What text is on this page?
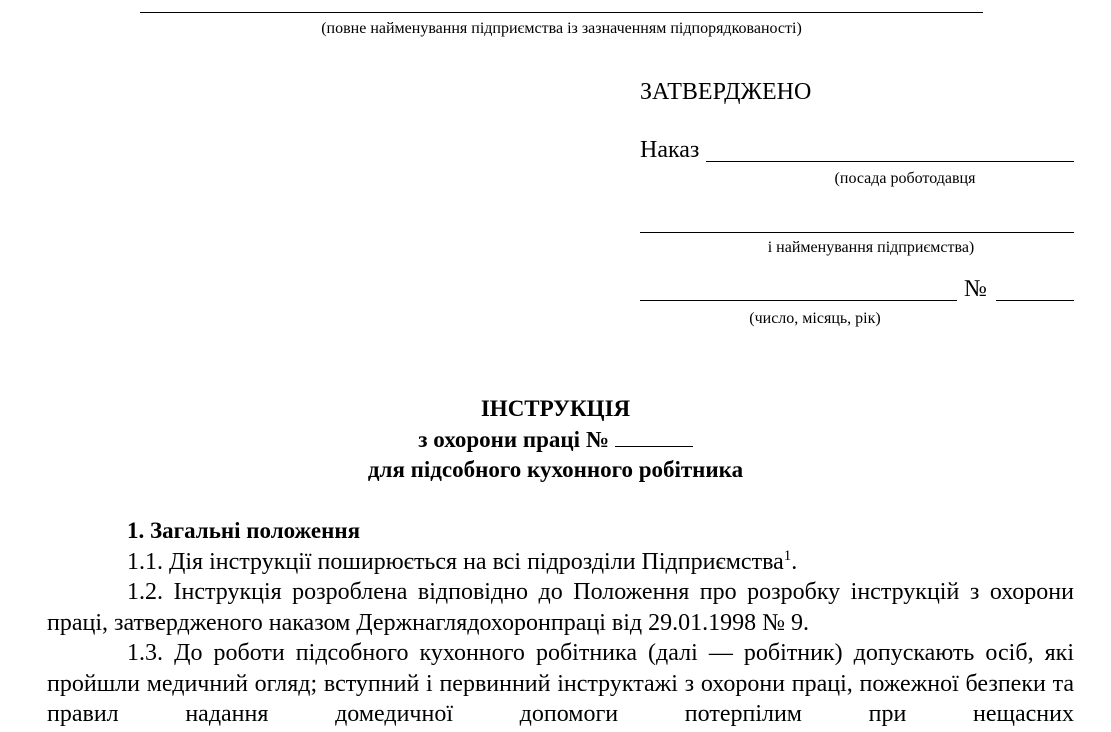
(повне найменування підприємства із зазначенням підпорядкованості)
ЗАТВЕРДЖЕНО
Наказ
(посада роботодавця
і найменування підприємства)
№
(число, місяць, рік)
ІНСТРУКЦІЯ
з охорони праці №
для підсобного кухонного робітника
1. Загальні положення
1.1. Дія інструкції поширюється на всі підрозділи Підприємства$^1$.
1.2. Інструкція розроблена відповідно до Положення про розробку інструкцій з охорони праці, затвердженого наказом Держнаглядохоронпраці від 29.01.1998 № 9.
1.3. До роботи підсобного кухонного робітника (далі — робітник) допускають осіб, які пройшли медичний огляд; вступний і первинний інструктажі з охорони праці, пожежної безпеки та правил надання домедичної допомоги потерпілим при нещасних
